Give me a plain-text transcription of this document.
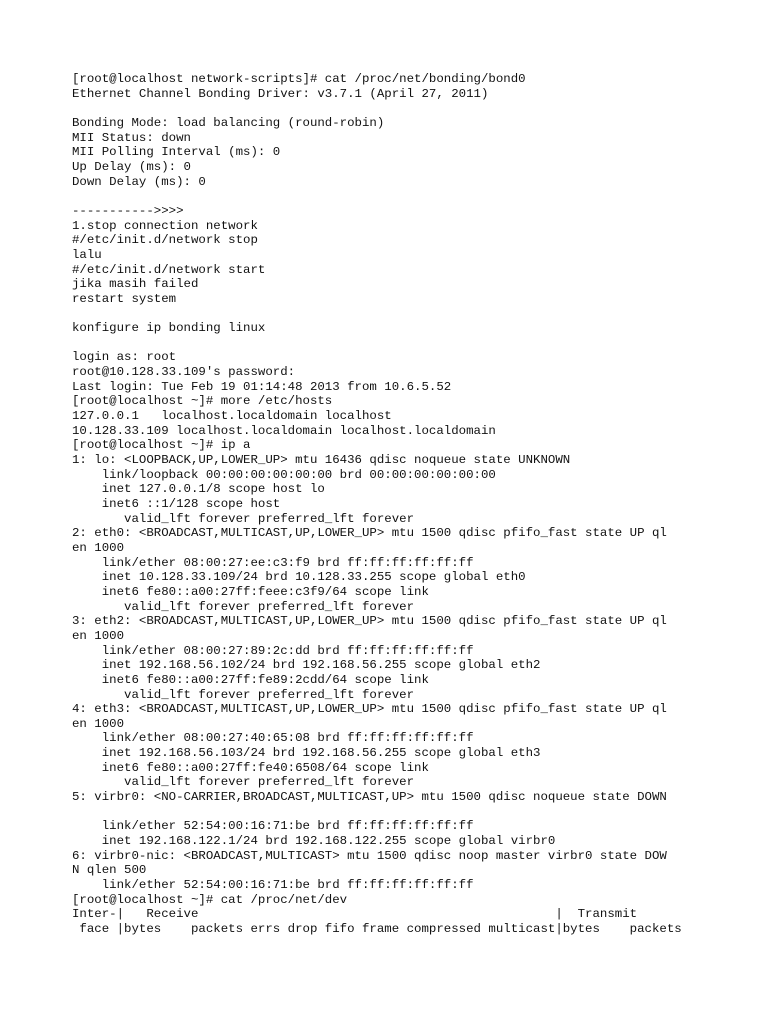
[root@localhost network-scripts]# cat /proc/net/bonding/bond0
Ethernet Channel Bonding Driver: v3.7.1 (April 27, 2011)
Bonding Mode: load balancing (round-robin)
MII Status: down
MII Polling Interval (ms): 0
Up Delay (ms): 0
Down Delay (ms): 0
----------->>>>
1.stop connection network
#/etc/init.d/network stop
lalu
#/etc/init.d/network start
jika masih failed
restart system
konfigure ip bonding linux
login as: root
root@10.128.33.109's password:
Last login: Tue Feb 19 01:14:48 2013 from 10.6.5.52
[root@localhost ~]# more /etc/hosts
127.0.0.1   localhost.localdomain localhost
10.128.33.109 localhost.localdomain localhost.localdomain
[root@localhost ~]# ip a
1: lo: <LOOPBACK,UP,LOWER_UP> mtu 16436 qdisc noqueue state UNKNOWN
link/loopback 00:00:00:00:00:00 brd 00:00:00:00:00:00
inet 127.0.0.1/8 scope host lo
inet6 ::1/128 scope host
valid_lft forever preferred_lft forever
2: eth0: <BROADCAST,MULTICAST,UP,LOWER_UP> mtu 1500 qdisc pfifo_fast state UP ql
en 1000
link/ether 08:00:27:ee:c3:f9 brd ff:ff:ff:ff:ff:ff
inet 10.128.33.109/24 brd 10.128.33.255 scope global eth0
inet6 fe80::a00:27ff:feee:c3f9/64 scope link
valid_lft forever preferred_lft forever
3: eth2: <BROADCAST,MULTICAST,UP,LOWER_UP> mtu 1500 qdisc pfifo_fast state UP ql
en 1000
link/ether 08:00:27:89:2c:dd brd ff:ff:ff:ff:ff:ff
inet 192.168.56.102/24 brd 192.168.56.255 scope global eth2
inet6 fe80::a00:27ff:fe89:2cdd/64 scope link
valid_lft forever preferred_lft forever
4: eth3: <BROADCAST,MULTICAST,UP,LOWER_UP> mtu 1500 qdisc pfifo_fast state UP ql
en 1000
link/ether 08:00:27:40:65:08 brd ff:ff:ff:ff:ff:ff
inet 192.168.56.103/24 brd 192.168.56.255 scope global eth3
inet6 fe80::a00:27ff:fe40:6508/64 scope link
valid_lft forever preferred_lft forever
5: virbr0: <NO-CARRIER,BROADCAST,MULTICAST,UP> mtu 1500 qdisc noqueue state DOWN
link/ether 52:54:00:16:71:be brd ff:ff:ff:ff:ff:ff
inet 192.168.122.1/24 brd 192.168.122.255 scope global virbr0
6: virbr0-nic: <BROADCAST,MULTICAST> mtu 1500 qdisc noop master virbr0 state DOW
N qlen 500
link/ether 52:54:00:16:71:be brd ff:ff:ff:ff:ff:ff
[root@localhost ~]# cat /proc/net/dev
Inter-|   Receive                                                |  Transmit
face |bytes    packets errs drop fifo frame compressed multicast|bytes    packets
